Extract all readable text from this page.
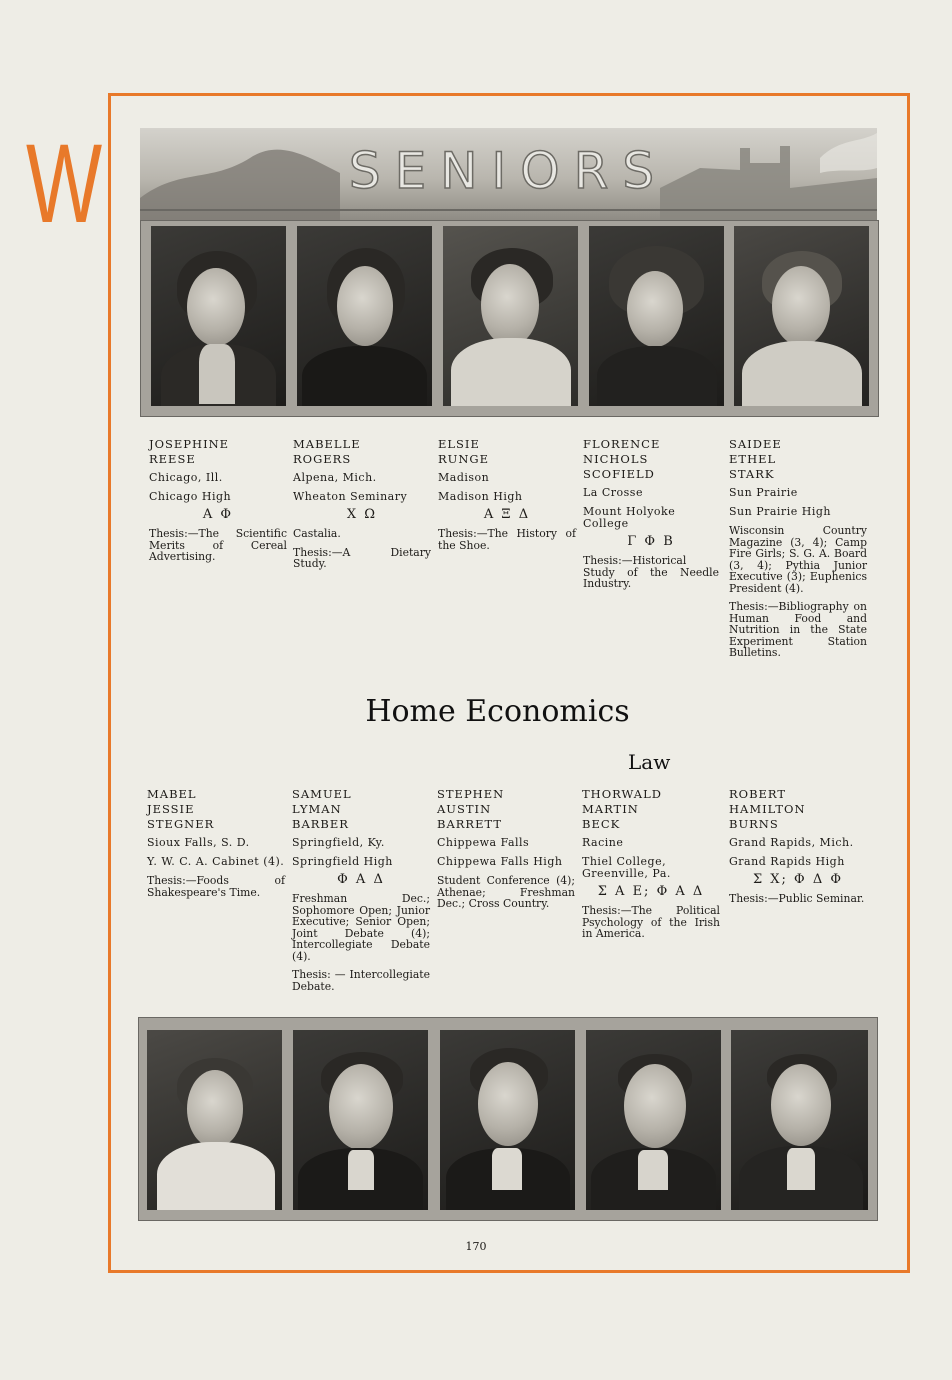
W	SENIORS
JOSEPHINE
REESE
Chicago, Ill.
Chicago High
Α Φ
Thesis:—The Scientific Merits of Cereal Advertising.
MABELLE
ROGERS
Alpena, Mich.
Wheaton Seminary
Χ Ω
Castalia.
Thesis:—A Dietary Study.
ELSIE
RUNGE
Madison
Madison High
Α Ξ Δ
Thesis:—The History of the Shoe.
FLORENCE
NICHOLS
SCOFIELD
La Crosse
Mount Holyoke College
Γ Φ Β
Thesis:—Historical Study of the Needle Industry.
SAIDEE
ETHEL
STARK
Sun Prairie
Sun Prairie High
Wisconsin Country Magazine (3, 4); Camp Fire Girls; S. G. A. Board (3, 4); Pythia Junior Executive (3); Euphenics President (4).
Thesis:—Bibliography on Human Food and Nutrition in the State Experiment Station Bulletins.
Home Economics
Law
MABEL
JESSIE
STEGNER
Sioux Falls, S. D.
Y. W. C. A. Cabinet (4).
Thesis:—Foods of Shakespeare's Time.
SAMUEL
LYMAN
BARBER
Springfield, Ky.
Springfield High
Φ Α Δ
Freshman Dec.; Sophomore Open; Junior Executive; Senior Open; Joint Debate (4); Intercollegiate Debate (4).
Thesis: — Intercollegiate Debate.
STEPHEN
AUSTIN
BARRETT
Chippewa Falls
Chippewa Falls High
Student Conference (4); Athenae; Freshman Dec.; Cross Country.
THORWALD
MARTIN
BECK
Racine
Thiel College, Greenville, Pa.
Σ Α Ε; Φ Α Δ
Thesis:—The Political Psychology of the Irish in America.
ROBERT
HAMILTON
BURNS
Grand Rapids, Mich.
Grand Rapids High
Σ Χ; Φ Δ Φ
Thesis:—Public Seminar.
170
